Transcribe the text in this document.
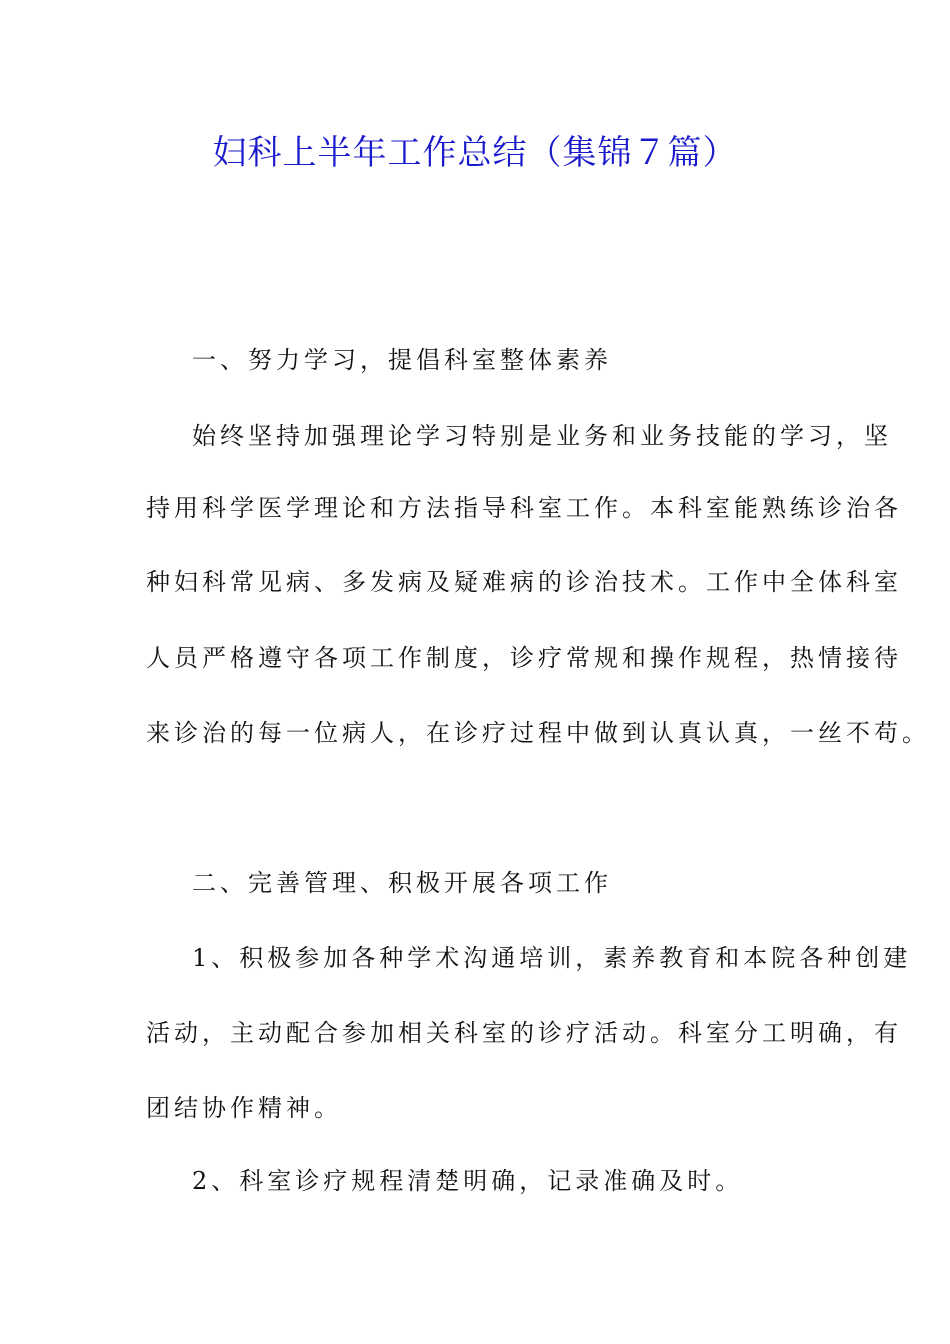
妇科上半年工作总结（集锦７篇）
一、努力学习，提倡科室整体素养
始终坚持加强理论学习特别是业务和业务技能的学习，坚
持用科学医学理论和方法指导科室工作。本科室能熟练诊治各
种妇科常见病、多发病及疑难病的诊治技术。工作中全体科室
人员严格遵守各项工作制度，诊疗常规和操作规程，热情接待
来诊治的每一位病人，在诊疗过程中做到认真认真，一丝不苟。
二、完善管理、积极开展各项工作
1、积极参加各种学术沟通培训，素养教育和本院各种创建
活动，主动配合参加相关科室的诊疗活动。科室分工明确，有
团结协作精神。
2、科室诊疗规程清楚明确，记录准确及时。
